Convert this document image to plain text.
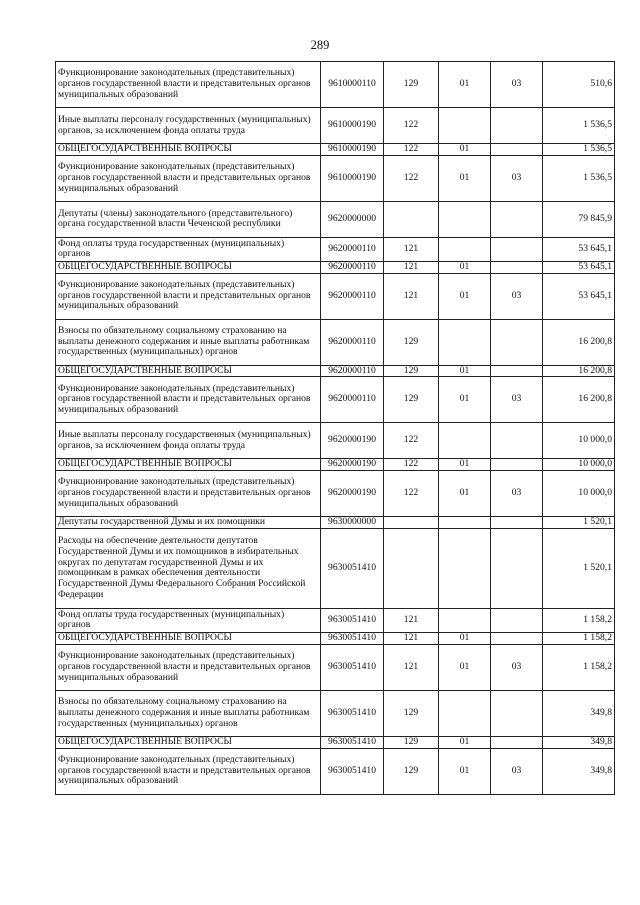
289
Функционирование законодательных (представительных) органов государственной власти и представительных органов муниципальных образований	9610000110	129	01	03	510,6
Иные выплаты персоналу государственных (муниципальных) органов, за исключением фонда оплаты труда	9610000190	122			1 536,5
ОБЩЕГОСУДАРСТВЕННЫЕ ВОПРОСЫ	9610000190	122	01		1 536,5
Функционирование законодательных (представительных) органов государственной власти и представительных органов муниципальных образований	9610000190	122	01	03	1 536,5
Депутаты (члены) законодательного (представительного) органа государственной власти Чеченской республики	9620000000				79 845,9
Фонд оплаты труда государственных (муниципальных) органов	9620000110	121			53 645,1
ОБЩЕГОСУДАРСТВЕННЫЕ ВОПРОСЫ	9620000110	121	01		53 645,1
Функционирование законодательных (представительных) органов государственной власти и представительных органов муниципальных образований	9620000110	121	01	03	53 645,1
Взносы по обязательному социальному страхованию на выплаты денежного содержания и иные выплаты работникам государственных (муниципальных) органов	9620000110	129			16 200,8
ОБЩЕГОСУДАРСТВЕННЫЕ ВОПРОСЫ	9620000110	129	01		16 200,8
Функционирование законодательных (представительных) органов государственной власти и представительных органов муниципальных образований	9620000110	129	01	03	16 200,8
Иные выплаты персоналу государственных (муниципальных) органов, за исключением фонда оплаты труда	9620000190	122			10 000,0
ОБЩЕГОСУДАРСТВЕННЫЕ ВОПРОСЫ	9620000190	122	01		10 000,0
Функционирование законодательных (представительных) органов государственной власти и представительных органов муниципальных образований	9620000190	122	01	03	10 000,0
Депутаты государственной Думы и их помощники	9630000000				1 520,1
Расходы на обеспечение деятельности депутатов Государственной Думы и их помощников в избирательных округах по депутатам государственной Думы и их помощникам в рамках обеспечения деятельности Государственной Думы Федерального Собрания Российской Федерации	9630051410				1 520,1
Фонд оплаты труда государственных (муниципальных) органов	9630051410	121			1 158,2
ОБЩЕГОСУДАРСТВЕННЫЕ ВОПРОСЫ	9630051410	121	01		1 158,2
Функционирование законодательных (представительных) органов государственной власти и представительных органов муниципальных образований	9630051410	121	01	03	1 158,2
Взносы по обязательному социальному страхованию на выплаты денежного содержания и иные выплаты работникам государственных (муниципальных) органов	9630051410	129			349,8
ОБЩЕГОСУДАРСТВЕННЫЕ ВОПРОСЫ	9630051410	129	01		349,8
Функционирование законодательных (представительных) органов государственной власти и представительных органов муниципальных образований	9630051410	129	01	03	349,8
